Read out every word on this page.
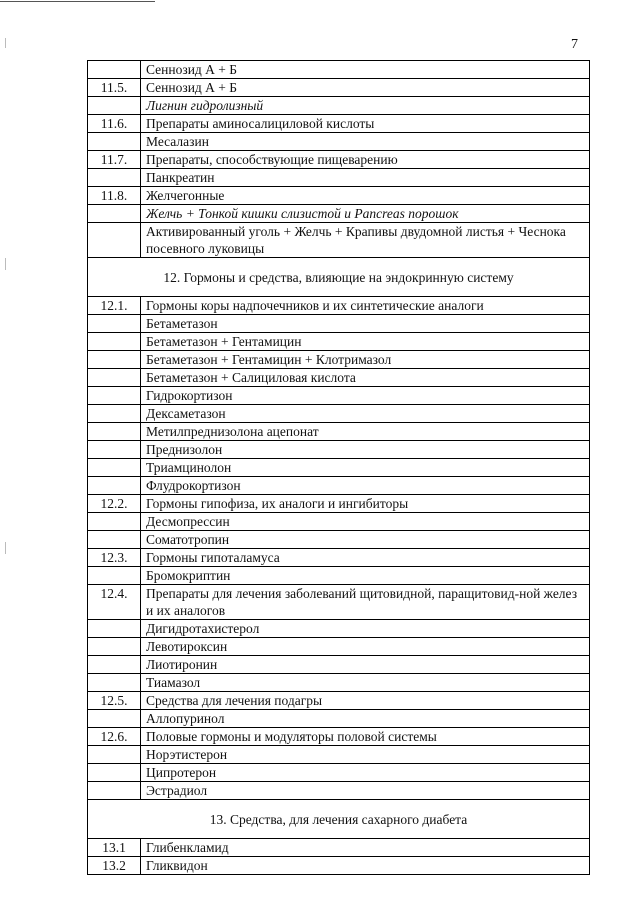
7
	Сеннозид А + Б
11.5.	Сеннозид А + Б
	Лигнин гидролизный
11.6.	Препараты аминосалициловой кислоты
	Месалазин
11.7.	Препараты, способствующие пищеварению
	Панкреатин
11.8.	Желчегонные
	Желчь + Тонкой кишки слизистой и Pancreas порошок
	Активированный уголь + Желчь + Крапивы двудомной листья + Чеснока посевного луковицы
12. Гормоны и средства, влияющие на эндокринную систему	
12.1.	Гормоны коры надпочечников и их синтетические аналоги
	Бетаметазон
	Бетаметазон + Гентамицин
	Бетаметазон + Гентамицин + Клотримазол
	Бетаметазон + Салициловая кислота
	Гидрокортизон
	Дексаметазон
	Метилпреднизолона ацепонат
	Преднизолон
	Триамцинолон
	Флудрокортизон
12.2.	Гормоны гипофиза, их аналоги и ингибиторы
	Десмопрессин
	Соматотропин
12.3.	Гормоны гипоталамуса
	Бромокриптин
12.4.	Препараты для лечения заболеваний щитовидной, паращитовид-ной желез и их аналогов
	Дигидротахистерол
	Левотироксин
	Лиотиронин
	Тиамазол
12.5.	Средства для лечения подагры
	Аллопуринол
12.6.	Половые гормоны и модуляторы половой системы
	Норэтистерон
	Ципротерон
	Эстрадиол
13. Средства, для лечения сахарного диабета	
13.1	Глибенкламид
13.2	Гликвидон
